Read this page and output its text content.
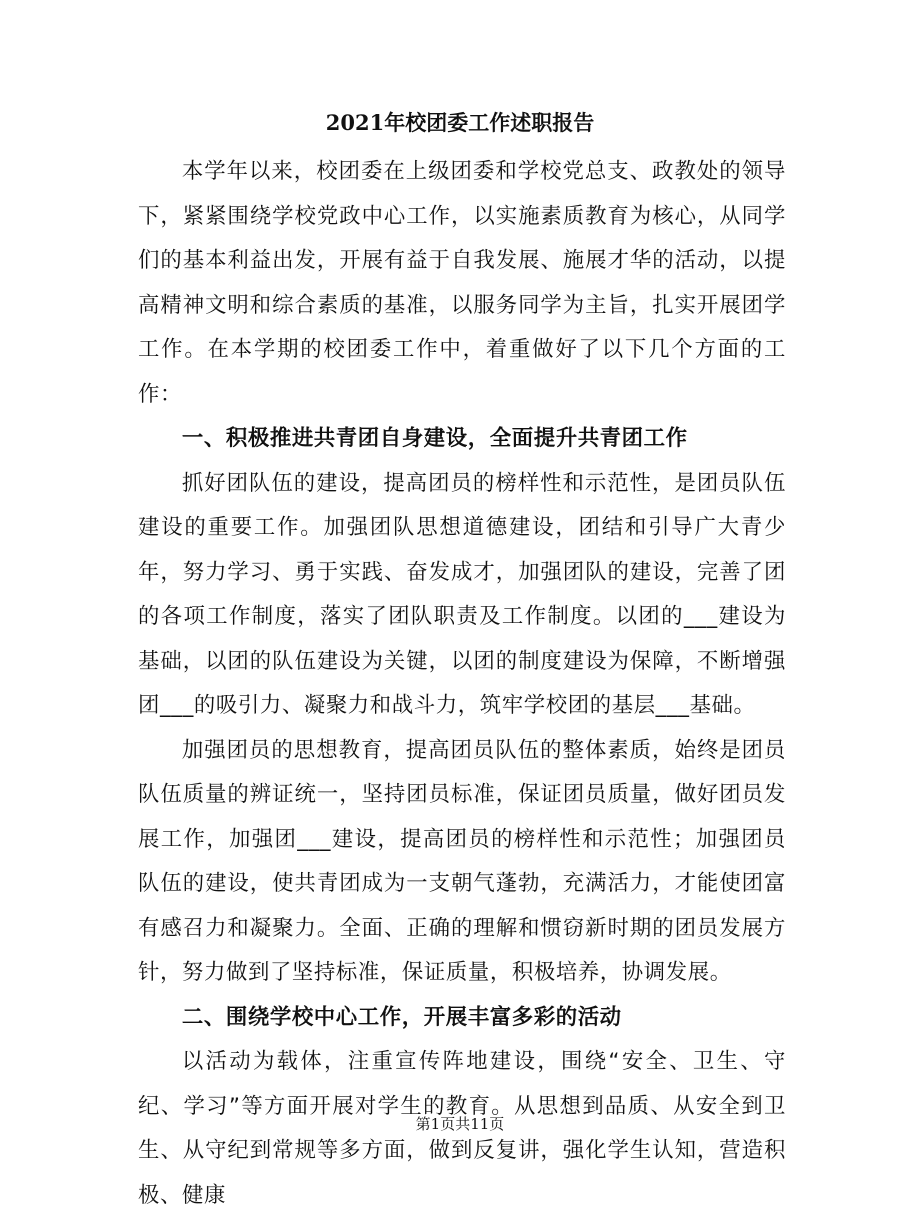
2021年校团委工作述职报告

本学年以来，校团委在上级团委和学校党总支、政教处的领导下，紧紧围绕学校党政中心工作，以实施素质教育为核心，从同学们的基本利益出发，开展有益于自我发展、施展才华的活动，以提高精神文明和综合素质的基准，以服务同学为主旨，扎实开展团学工作。在本学期的校团委工作中，着重做好了以下几个方面的工作：

一、积极推进共青团自身建设，全面提升共青团工作

抓好团队伍的建设，提高团员的榜样性和示范性，是团员队伍建设的重要工作。加强团队思想道德建设，团结和引导广大青少年，努力学习、勇于实践、奋发成才，加强团队的建设，完善了团的各项工作制度，落实了团队职责及工作制度。以团的___建设为基础，以团的队伍建设为关键，以团的制度建设为保障，不断增强团___的吸引力、凝聚力和战斗力，筑牢学校团的基层___基础。

加强团员的思想教育，提高团员队伍的整体素质，始终是团员队伍质量的辨证统一，坚持团员标准，保证团员质量，做好团员发展工作，加强团___建设，提高团员的榜样性和示范性；加强团员队伍的建设，使共青团成为一支朝气蓬勃，充满活力，才能使团富有感召力和凝聚力。全面、正确的理解和惯窃新时期的团员发展方针，努力做到了坚持标准，保证质量，积极培养，协调发展。

二、围绕学校中心工作，开展丰富多彩的活动

以活动为载体，注重宣传阵地建设，围绕“安全、卫生、守纪、学习”等方面开展对学生的教育。从思想到品质、从安全到卫生、从守纪到常规等多方面，做到反复讲，强化学生认知，营造积极、健康

第1页共11页
